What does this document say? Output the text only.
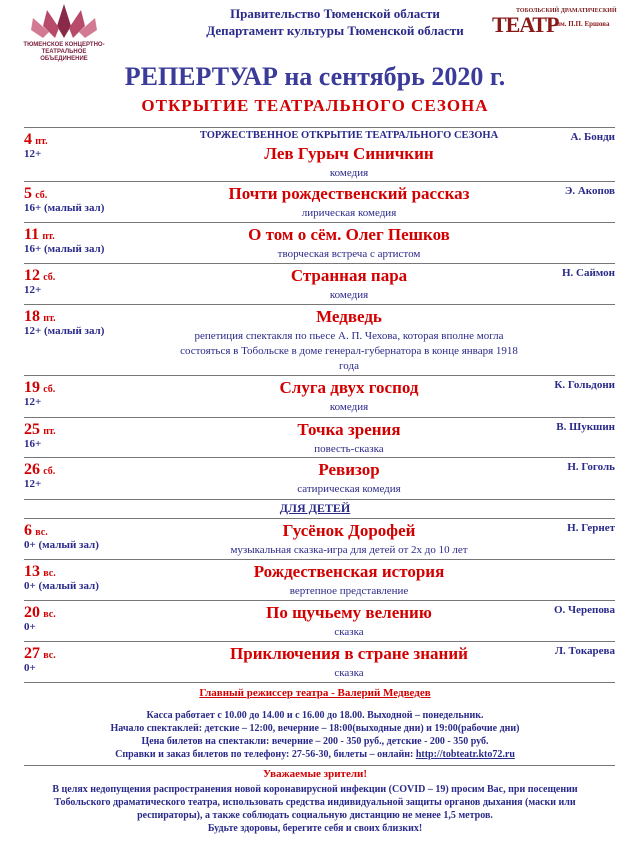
ТЮМЕНСКОЕ КОНЦЕРТНО-ТЕАТРАЛЬНОЕ ОБЪЕДИНЕНИЕ
Правительство Тюменской области
Департамент культуры Тюменской области
ТОБОЛЬСКИЙ ДРАМАТИЧЕСКИЙ
ТЕАТР
им. П.П. Ершова
РЕПЕРТУАР на сентябрь 2020 г.
ОТКРЫТИЕ ТЕАТРАЛЬНОГО СЕЗОНА
4 пт.
12+
ТОРЖЕСТВЕННОЕ ОТКРЫТИЕ ТЕАТРАЛЬНОГО СЕЗОНА
Лев Гурыч Синичкин
комедия
А. Бонди
5 сб.
16+ (малый зал)
Почти рождественский рассказ
лирическая комедия
Э. Акопов
11 пт.
16+ (малый зал)
О том о сём. Олег Пешков
творческая встреча с артистом
12 сб.
12+
Странная пара
комедия
Н. Саймон
18 пт.
12+ (малый зал)
Медведь
репетиция спектакля по пьесе А. П. Чехова, которая вполне могла состояться в Тобольске в доме генерал-губернатора в конце января 1918 года
19 сб.
12+
Слуга двух господ
комедия
К. Гольдони
25 пт.
16+
Точка зрения
повесть-сказка
В. Шукшин
26 сб.
12+
Ревизор
сатирическая комедия
Н. Гоголь
ДЛЯ ДЕТЕЙ
6 вс.
0+ (малый зал)
Гусёнок Дорофей
музыкальная сказка-игра для детей от 2х до 10 лет
Н. Гернет
13 вс.
0+ (малый зал)
Рождественская история
вертепное представление
20 вс.
0+
По щучьему велению
сказка
О. Черепова
27 вс.
0+
Приключения в стране знаний
сказка
Л. Токарева
Главный режиссер театра - Валерий Медведев
Касса работает с 10.00 до 14.00 и с 16.00 до 18.00. Выходной – понедельник.
Начало спектаклей: детские – 12:00, вечерние – 18:00(выходные дни) и 19:00(рабочие дни)
Цена билетов на спектакли: вечерние – 200 - 350 руб., детские - 200 - 350 руб.
Справки и заказ билетов по телефону: 27-56-30, билеты – онлайн: http://tobteatr.kto72.ru
Уважаемые зрители!
В целях недопущения распространения новой коронавирусной инфекции (COVID – 19) просим Вас, при посещении
Тобольского драматического театра, использовать средства индивидуальной защиты органов дыхания (маски или
респираторы), а также соблюдать социальную дистанцию не менее 1,5 метров.
Будьте здоровы, берегите себя и своих близких!
